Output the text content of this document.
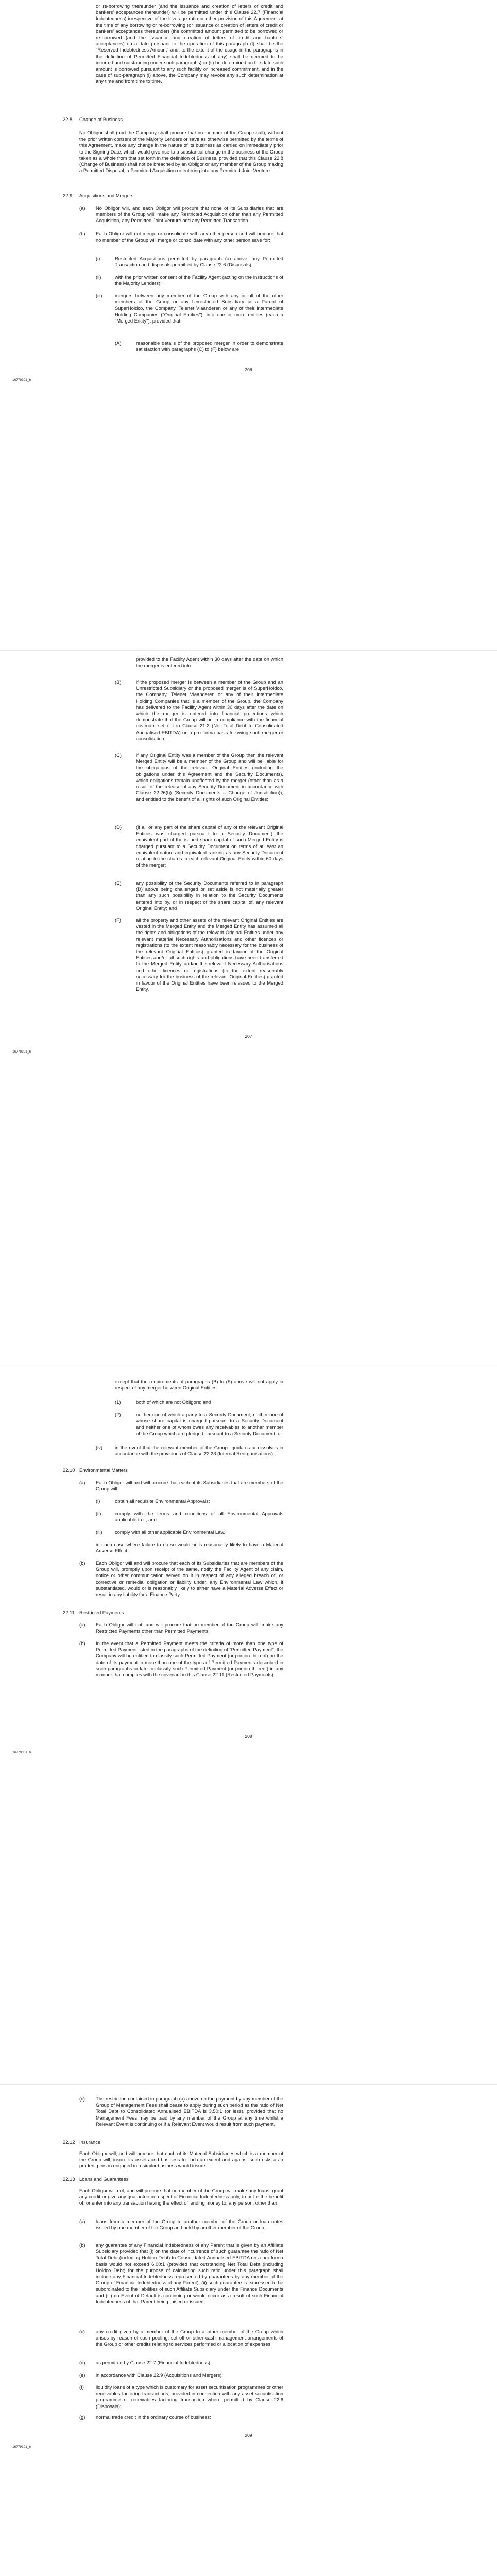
or re-borrowing thereunder (and the issuance and creation of letters of credit and bankers' acceptances thereunder) will be permitted under this Clause 22.7 (Financial Indebtedness) irrespective of the leverage ratio or other provision of this Agreement at the time of any borrowing or re-borrowing (or issuance or creation of letters of credit or bankers' acceptances thereunder) (the committed amount permitted to be borrowed or re-borrowed (and the issuance and creation of letters of credit and bankers' acceptances) on a date pursuant to the operation of this paragraph (l) shall be the "Reserved Indebtedness Amount" and, to the extent of the usage in the paragraphs in the definition of Permitted Financial Indebtedness of any) shall be deemed to be incurred and outstanding under such paragraphs) or (ii) be determined on the date such amount is borrowed pursuant to any such facility or increased commitment, and in the case of sub-paragraph (i) above, the Company may revoke any such determination at any time and from time to time.
22.8	Change of Business
No Obligor shall (and the Company shall procure that no member of the Group shall), without the prior written consent of the Majority Lenders or save as otherwise permitted by the terms of this Agreement, make any change in the nature of its business as carried on immediately prior to the Signing Date, which would give rise to a substantial change in the business of the Group taken as a whole from that set forth in the definition of Business, provided that this Clause 22.8 (Change of Business) shall not be breached by an Obligor or any member of the Group making a Permitted Disposal, a Permitted Acquisition or entering into any Permitted Joint Venture.
22.9	Acquisitions and Mergers
(a) No Obligor will, and each Obligor will procure that none of its Subsidiaries that are members of the Group will, make any Restricted Acquisition other than any Permitted Acquisition, any Permitted Joint Venture and any Permitted Transaction.
(b) Each Obligor will not merge or consolidate with any other person and will procure that no member of the Group will merge or consolidate with any other person save for:
(i)	Restricted Acquisitions permitted by paragraph (a) above, any Permitted Transaction and disposals permitted by Clause 22.6 (Disposals);
(ii)	with the prior written consent of the Facility Agent (acting on the instructions of the Majority Lenders);
(iii)	mergers between any member of the Group with any or all of the other members of the Group or any Unrestricted Subsidiary or a Parent of SuperHoldco, the Company, Telenet Vlaanderen or any of their intermediate Holding Companies ("Original Entities"), into one or more entities (each a "Merged Entity"), provided that:
(A)	reasonable details of the proposed merger in order to demonstrate satisfaction with paragraphs (C) to (F) below are
206
16779301_6
provided to the Facility Agent within 30 days after the date on which the merger is entered into;
(B)	if the proposed merger is between a member of the Group and an Unrestricted Subsidiary or the proposed merger is of SuperHoldco, the Company, Telenet Vlaanderen or any of their intermediate Holding Companies that is a member of the Group, the Company has delivered to the Facility Agent within 30 days after the date on which the merger is entered into financial projections which demonstrate that the Group will be in compliance with the financial covenant set out in Clause 21.2 (Net Total Debt to Consolidated Annualised EBITDA) on a pro forma basis following such merger or consolidation;
(C)	if any Original Entity was a member of the Group then the relevant Merged Entity will be a member of the Group and will be liable for the obligations of the relevant Original Entities (including the obligations under this Agreement and the Security Documents), which obligations remain unaffected by the merger (other than as a result of the release of any Security Document in accordance with Clause 22.26(b) (Security Documents – Change of Jurisdiction)), and entitled to the benefit of all rights of such Original Entities;
(D)	(if all or any part of the share capital of any of the relevant Original Entities was charged pursuant to a Security Document) the equivalent part of the issued share capital of such Merged Entity is charged pursuant to a Security Document on terms of at least an equivalent nature and equivalent ranking as any Security Document relating to the shares in each relevant Original Entity within 60 days of the merger;
(E)	any possibility of the Security Documents referred to in paragraph (D) above being challenged or set aside is not materially greater than any such possibility in relation to the Security Documents entered into by, or in respect of the share capital of, any relevant Original Entity; and
(F)	all the property and other assets of the relevant Original Entities are vested in the Merged Entity and the Merged Entity has assumed all the rights and obligations of the relevant Original Entities under any relevant material Necessary Authorisations and other licences or registrations (to the extent reasonably necessary for the business of the relevant Original Entities) granted in favour of the Original Entities and/or all such rights and obligations have been transferred to the Merged Entity and/or the relevant Necessary Authorisations and other licences or registrations (to the extent reasonably necessary for the business of the relevant Original Entities) granted in favour of the Original Entities have been reissued to the Merged Entity,
207
16779301_6
except that the requirements of paragraphs (B) to (F) above will not apply in respect of any merger between Original Entities:
(1)	both of which are not Obligors; and
(2)	neither one of which a party to a Security Document, neither one of whose share capital is charged pursuant to a Security Document and neither one of whom owes any receivables to another member of the Group which are pledged pursuant to a Security Document; or
(iv)	in the event that the relevant member of the Group liquidates or dissolves in accordance with the provisions of Clause 22.23 (Internal Reorganisations).
22.10 Environmental Matters
(a) Each Obligor will and will procure that each of its Subsidiaries that are members of the Group will:
(i)	obtain all requisite Environmental Approvals;
(ii)	comply with the terms and conditions of all Environmental Approvals applicable to it; and
(iii)	comply with all other applicable Environmental Law,
in each case where failure to do so would or is reasonably likely to have a Material Adverse Effect.
(b) Each Obligor will and will procure that each of its Subsidiaries that are members of the Group will, promptly upon receipt of the same, notify the Facility Agent of any claim, notice or other communication served on it in respect of any alleged breach of, or corrective or remedial obligation or liability under, any Environmental Law which, if substantiated, would or is reasonably likely to either have a Material Adverse Effect or result in any liability for a Finance Party.
22.11 Restricted Payments
(a) Each Obligor will not, and will procure that no member of the Group will, make any Restricted Payments other than Permitted Payments.
(b) In the event that a Permitted Payment meets the criteria of more than one type of Permitted Payment listed in the paragraphs of the definition of "Permitted Payment", the Company will be entitled to classify such Permitted Payment (or portion thereof) on the date of its payment in more than one of the types of Permitted Payments described in such paragraphs or later reclassify such Permitted Payment (or portion thereof) in any manner that complies with the covenant in this Clause 22.11 (Restricted Payments).
208
16779301_6
(c) The restriction contained in paragraph (a) above on the payment by any member of the Group of Management Fees shall cease to apply during such period as the ratio of Net Total Debt to Consolidated Annualised EBITDA is 3.50:1 (or less), provided that no Management Fees may be paid by any member of the Group at any time whilst a Relevant Event is continuing or if a Relevant Event would result from such payment.
22.12 Insurance
Each Obligor will, and will procure that each of its Material Subsidiaries which is a member of the Group will, insure its assets and business to such an extent and against such risks as a prudent person engaged in a similar business would insure.
22.13 Loans and Guarantees
Each Obligor will not, and will procure that no member of the Group will make any loans, grant any credit or give any guarantee in respect of Financial Indebtedness only, to or for the benefit of, or enter into any transaction having the effect of lending money to, any person, other than:
(a) loans from a member of the Group to another member of the Group or loan notes issued by one member of the Group and held by another member of the Group;
(b) any guarantee of any Financial Indebtedness of any Parent that is given by an Affiliate Subsidiary provided that (i) on the date of incurrence of such guarantee the ratio of Net Total Debt (including Holdco Debt) to Consolidated Annualised EBITDA on a pro forma basis would not exceed 6.00:1 (provided that outstanding Net Total Debt (including Holdco Debt) for the purpose of calculating such ratio under this paragraph shall include any Financial Indebtedness represented by guarantees by any member of the Group of Financial Indebtedness of any Parent), (ii) such guarantee is expressed to be subordinated to the liabilities of such Affiliate Subsidiary under the Finance Documents and (iii) no Event of Default is continuing or would occur as a result of such Financial Indebtedness of that Parent being raised or issued;
(c) any credit given by a member of the Group to another member of the Group which arises by reason of cash pooling, set off or other cash management arrangements of the Group or other credits relating to services performed or allocation of expenses;
(d) as permitted by Clause 22.7 (Financial Indebtedness);
(e) in accordance with Clause 22.9 (Acquisitions and Mergers);
(f) liquidity loans of a type which is customary for asset securitisation programmes or other receivables factoring transactions, provided in connection with any asset securitisation programme or receivables factoring transaction where permitted by Clause 22.6 (Disposals);
(g) normal trade credit in the ordinary course of business;
209
16779301_6
